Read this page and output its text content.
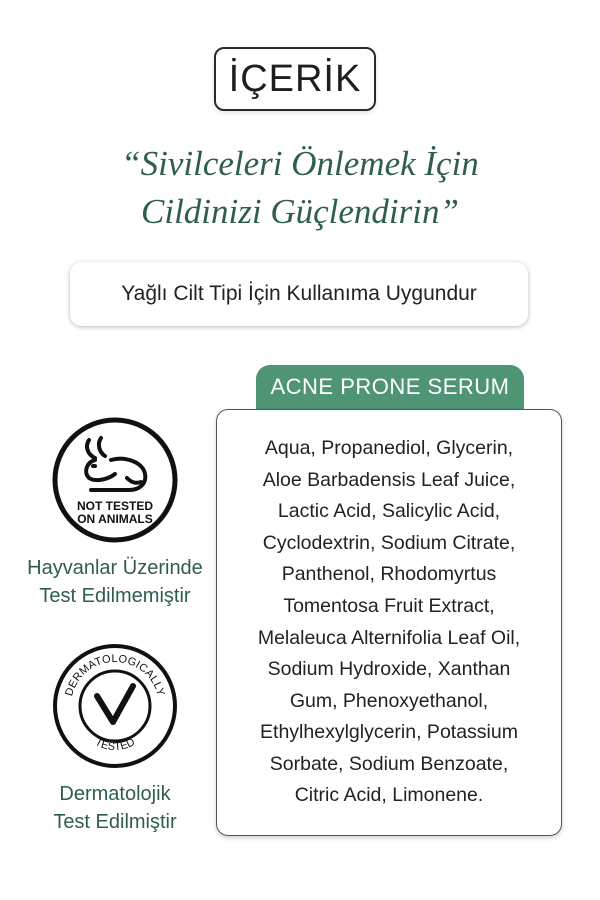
İÇERİK
“Sivilceleri Önlemek İçin
Cildinizi Güçlendirin”
Yağlı Cilt Tipi İçin Kullanıma Uygundur
NOT TESTED
ON ANIMALS
Hayvanlar Üzerinde
Test Edilmemiştir
DERMATOLOGICALLY
TESTED
Dermatolojik
Test Edilmiştir
ACNE PRONE SERUM
Aqua, Propanediol, Glycerin,
Aloe Barbadensis Leaf Juice,
Lactic Acid, Salicylic Acid,
Cyclodextrin, Sodium Citrate,
Panthenol, Rhodomyrtus
Tomentosa Fruit Extract,
Melaleuca Alternifolia Leaf Oil,
Sodium Hydroxide, Xanthan
Gum, Phenoxyethanol,
Ethylhexylglycerin, Potassium
Sorbate, Sodium Benzoate,
Citric Acid, Limonene.
